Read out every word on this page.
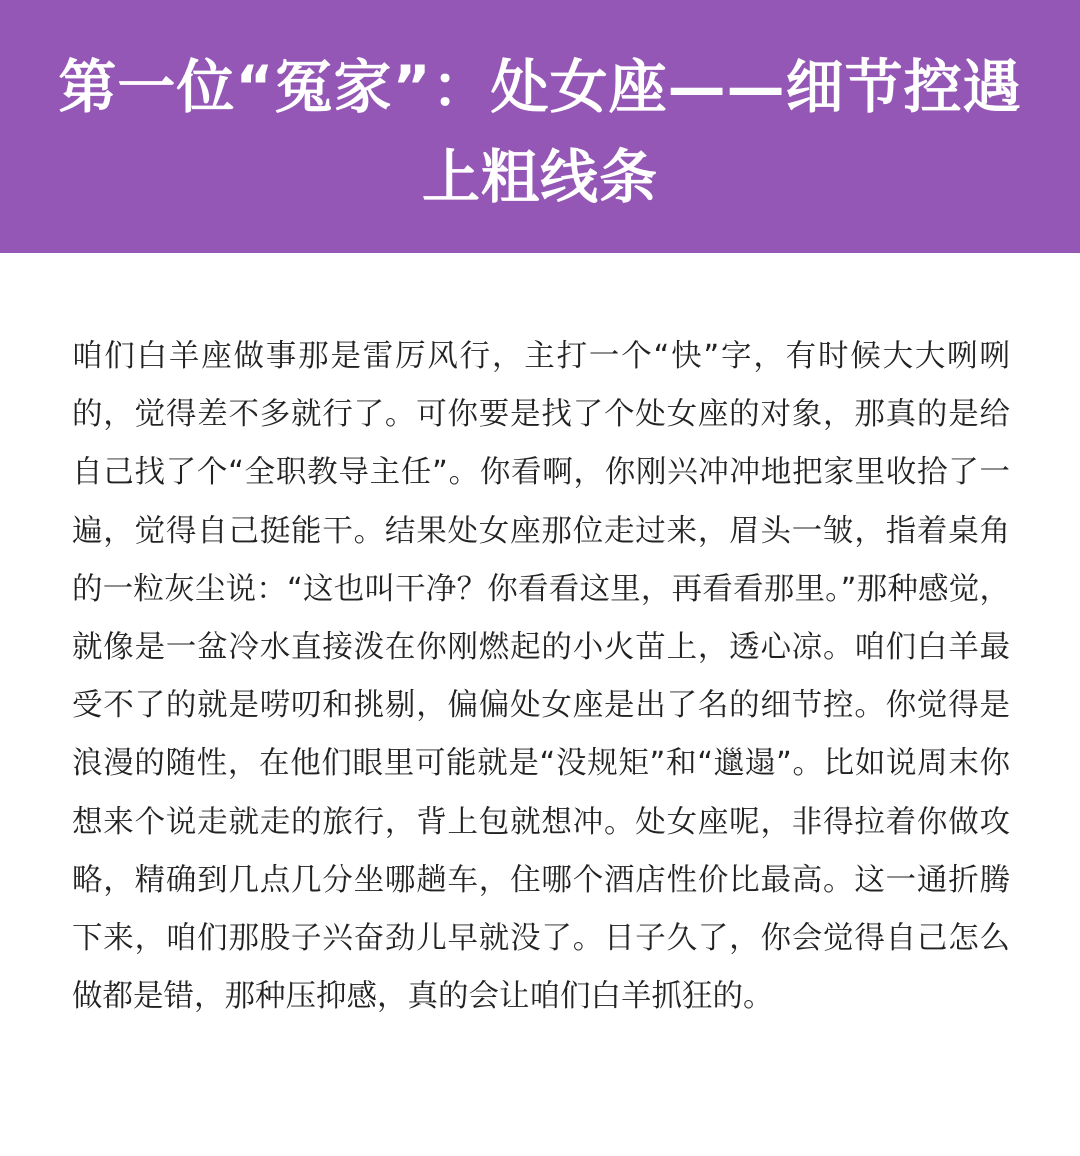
第一位“冤家”：处女座——细节控遇上粗线条

咱们白羊座做事那是雷厉风行，主打一个“快”字，有时候大大咧咧的，觉得差不多就行了。可你要是找了个处女座的对象，那真的是给自己找了个“全职教导主任”。你看啊，你刚兴冲冲地把家里收拾了一遍，觉得自己挺能干。结果处女座那位走过来，眉头一皱，指着桌角的一粒灰尘说：“这也叫干净？你看看这里，再看看那里。”那种感觉，就像是一盆冷水直接泼在你刚燃起的小火苗上，透心凉。咱们白羊最受不了的就是唠叨和挑剔，偏偏处女座是出了名的细节控。你觉得是浪漫的随性，在他们眼里可能就是“没规矩”和“邋遢”。比如说周末你想来个说走就走的旅行，背上包就想冲。处女座呢，非得拉着你做攻略，精确到几点几分坐哪趟车，住哪个酒店性价比最高。这一通折腾下来，咱们那股子兴奋劲儿早就没了。日子久了，你会觉得自己怎么做都是错，那种压抑感，真的会让咱们白羊抓狂的。
